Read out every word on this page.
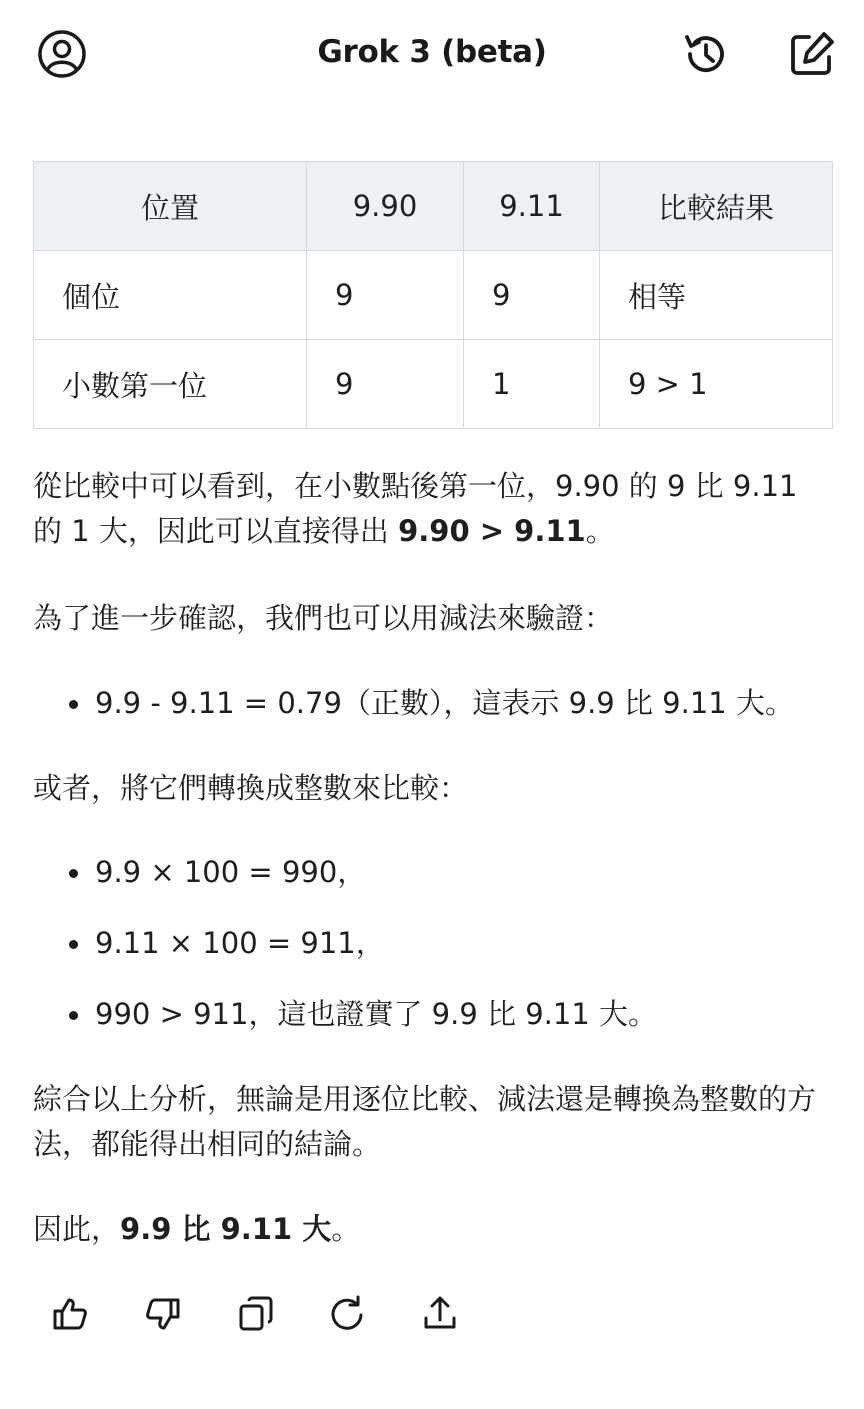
Grok 3 (beta)
位置	9.90	9.11	比較結果
個位	9	9	相等
小數第一位	9	1	9 > 1

從比較中可以看到，在小數點後第一位，9.90 的 9 比 9.11 的 1 大，因此可以直接得出 9.90 > 9.11。

為了進一步確認，我們也可以用減法來驗證：

9.9 - 9.11 = 0.79（正數），這表示 9.9 比 9.11 大。

或者，將它們轉換成整數來比較：

9.9 × 100 = 990，
9.11 × 100 = 911，
990 > 911，這也證實了 9.9 比 9.11 大。

綜合以上分析，無論是用逐位比較、減法還是轉換為整數的方法，都能得出相同的結論。

因此，9.9 比 9.11 大。
